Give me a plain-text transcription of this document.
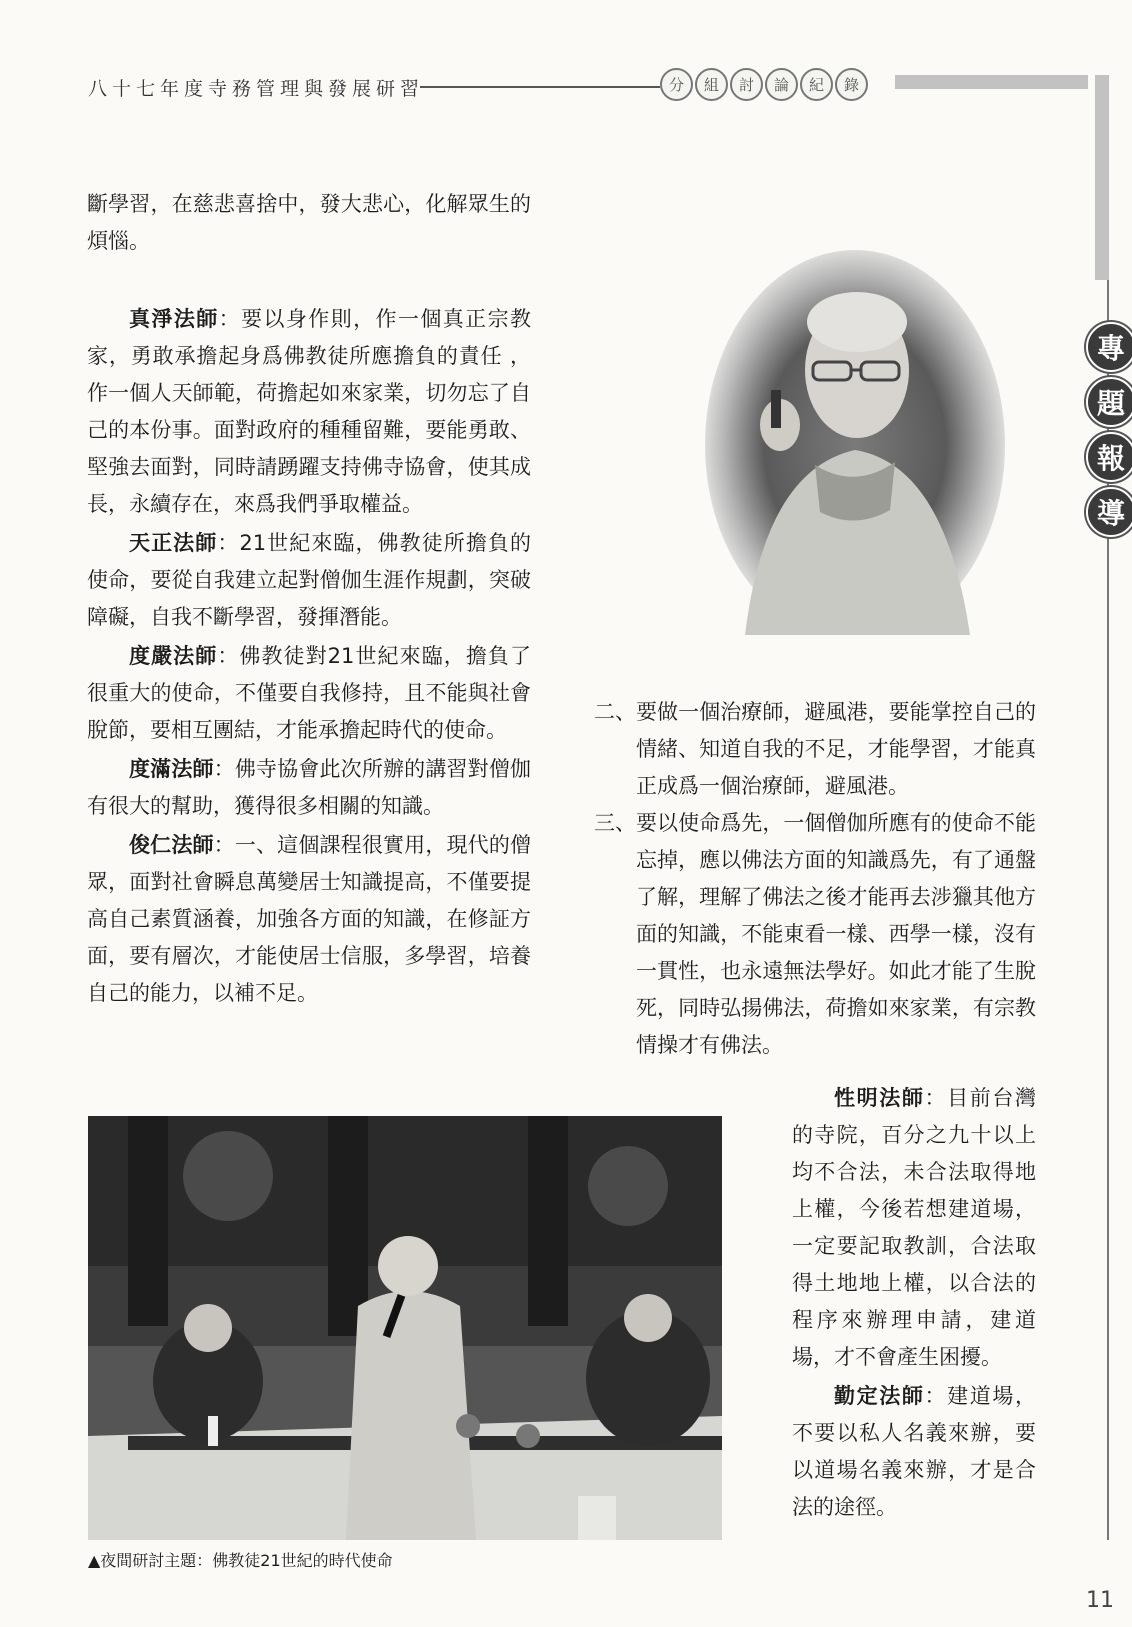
八十七年度寺務管理與發展研習	分	組	討	論	紀	錄
專
題
報
導

斷學習，在慈悲喜捨中，發大悲心，化解眾生的煩惱。

真淨法師：要以身作則，作一個真正宗教家，勇敢承擔起身爲佛教徒所應擔負的責任 ，作一個人天師範，荷擔起如來家業，切勿忘了自己的本份事。面對政府的種種留難，要能勇敢、堅強去面對，同時請踴躍支持佛寺協會，使其成長，永續存在，來爲我們爭取權益。

天正法師：21世紀來臨，佛教徒所擔負的使命，要從自我建立起對僧伽生涯作規劃，突破障礙，自我不斷學習，發揮潛能。

度嚴法師：佛教徒對21世紀來臨，擔負了很重大的使命，不僅要自我修持，且不能與社會脫節，要相互團結，才能承擔起時代的使命。

度滿法師：佛寺協會此次所辦的講習對僧伽有很大的幫助，獲得很多相關的知識。

俊仁法師：一、這個課程很實用，現代的僧眾，面對社會瞬息萬變居士知識提高，不僅要提高自己素質涵養，加強各方面的知識，在修証方面，要有層次，才能使居士信服，多學習，培養自己的能力，以補不足。

二、 要做一個治療師，避風港，要能掌控自己的情緒、知道自我的不足，才能學習，才能真正成爲一個治療師，避風港。
三、 要以使命爲先，一個僧伽所應有的使命不能忘掉，應以佛法方面的知識爲先，有了通盤了解，理解了佛法之後才能再去涉獵其他方面的知識，不能東看一樣、西學一樣，沒有一貫性，也永遠無法學好。如此才能了生脫死，同時弘揚佛法，荷擔如來家業，有宗教情操才有佛法。

性明法師：目前台灣的寺院，百分之九十以上均不合法，未合法取得地上權，今後若想建道場，一定要記取教訓，合法取得土地地上權，以合法的程序來辦理申請，建道場，才不會產生困擾。

勤定法師：建道場，不要以私人名義來辦，要以道場名義來辦，才是合法的途徑。

▲夜間研討主題：佛教徒21世紀的時代使命
11
